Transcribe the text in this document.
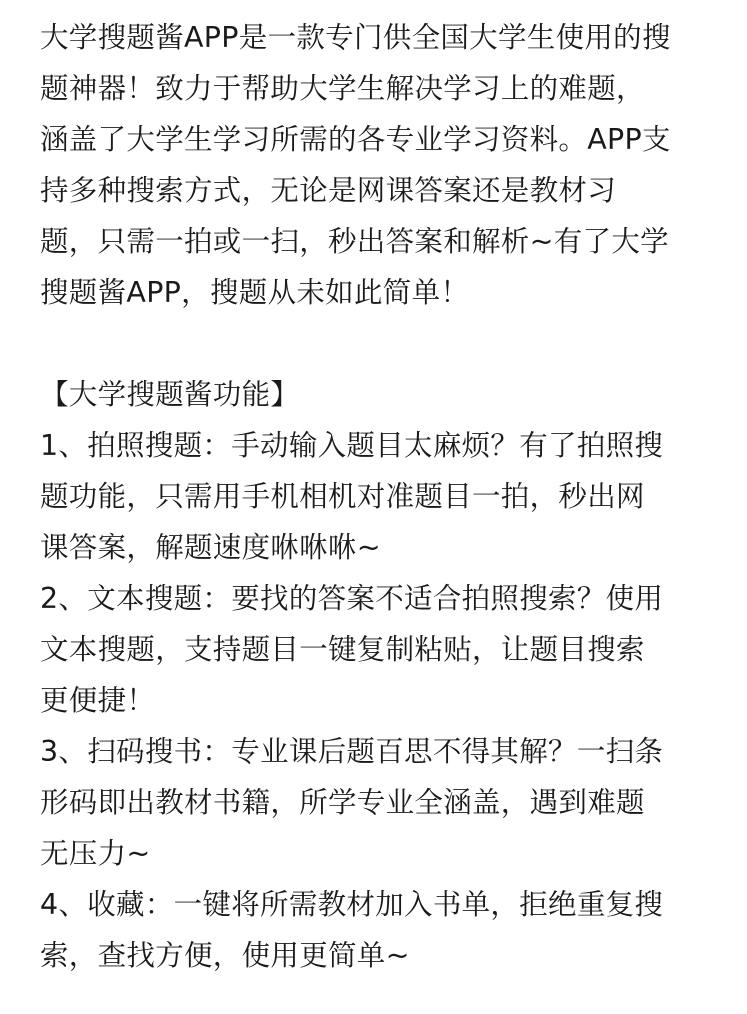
大学搜题酱APP是一款专门供全国大学生使用的搜
题神器！致力于帮助大学生解决学习上的难题，
涵盖了大学生学习所需的各专业学习资料。APP支
持多种搜索方式，无论是网课答案还是教材习
题，只需一拍或一扫，秒出答案和解析~有了大学
搜题酱APP，搜题从未如此简单！
【大学搜题酱功能】
1、拍照搜题：手动输入题目太麻烦？有了拍照搜
题功能，只需用手机相机对准题目一拍，秒出网
课答案，解题速度咻咻咻~
2、文本搜题：要找的答案不适合拍照搜索？使用
文本搜题，支持题目一键复制粘贴，让题目搜索
更便捷！
3、扫码搜书：专业课后题百思不得其解？一扫条
形码即出教材书籍，所学专业全涵盖，遇到难题
无压力~
4、收藏：一键将所需教材加入书单，拒绝重复搜
索，查找方便，使用更简单~
